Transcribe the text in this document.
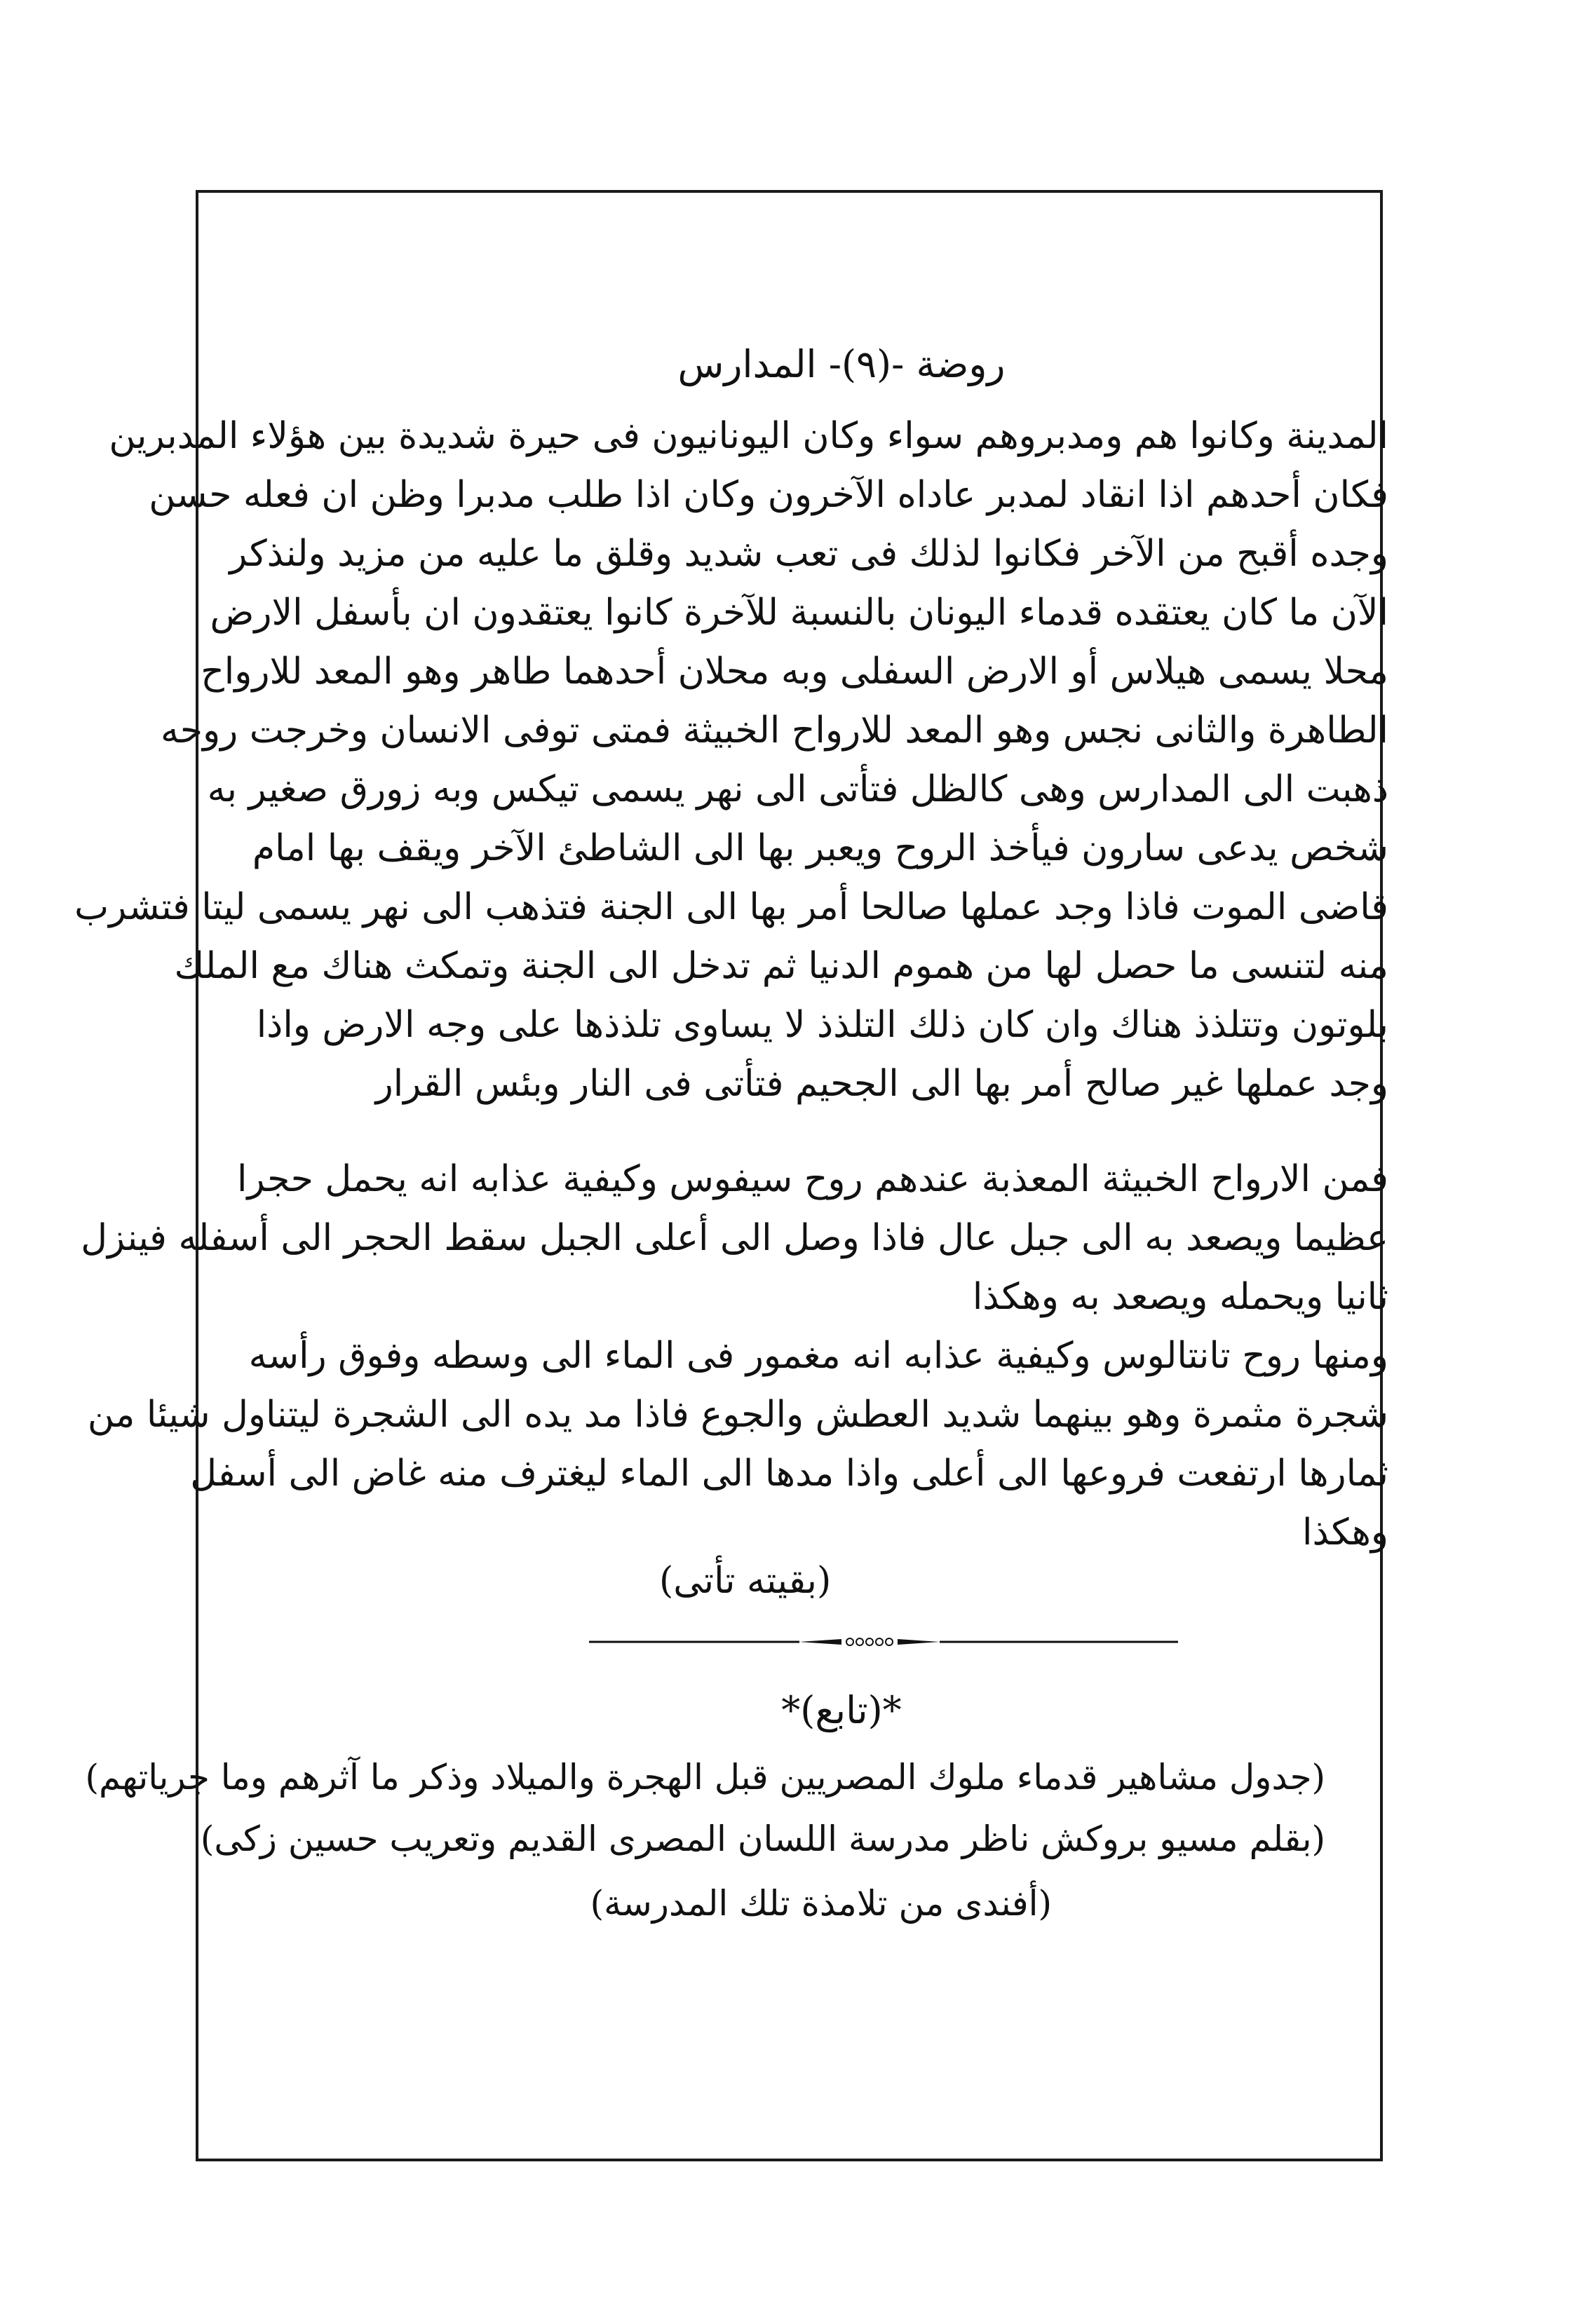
روضة -(٩)- المدارس
المدينة وكانوا هم ومدبروهم سواء وكان اليونانيون فى حيرة شديدة بين هؤلاء المدبرين
فكان أحدهم اذا انقاد لمدبر عاداه الآخرون وكان اذا طلب مدبرا وظن ان فعله حسن
وجده أقبح من الآخر فكانوا لذلك فى تعب شديد وقلق ما عليه من مزيد ولنذكر
الآن ما كان يعتقده قدماء اليونان بالنسبة للآخرة كانوا يعتقدون ان بأسفل الارض
محلا يسمى هيلاس أو الارض السفلى وبه محلان أحدهما طاهر وهو المعد للارواح
الطاهرة والثانى نجس وهو المعد للارواح الخبيثة فمتى توفى الانسان وخرجت روحه
ذهبت الى المدارس وهى كالظل فتأتى الى نهر يسمى تيكس وبه زورق صغير به
شخص يدعى سارون فيأخذ الروح ويعبر بها الى الشاطئ الآخر ويقف بها امام
قاضى الموت فاذا وجد عملها صالحا أمر بها الى الجنة فتذهب الى نهر يسمى ليتا فتشرب
منه لتنسى ما حصل لها من هموم الدنيا ثم تدخل الى الجنة وتمكث هناك مع الملك
بلوتون وتتلذذ هناك وان كان ذلك التلذذ لا يساوى تلذذها على وجه الارض واذا
وجد عملها غير صالح أمر بها الى الجحيم فتأتى فى النار وبئس القرار
فمن الارواح الخبيثة المعذبة عندهم روح سيفوس وكيفية عذابه انه يحمل حجرا
عظيما ويصعد به الى جبل عال فاذا وصل الى أعلى الجبل سقط الحجر الى أسفله فينزل
ثانيا ويحمله ويصعد به وهكذا
ومنها روح تانتالوس وكيفية عذابه انه مغمور فى الماء الى وسطه وفوق رأسه
شجرة مثمرة وهو بينهما شديد العطش والجوع فاذا مد يده الى الشجرة ليتناول شيئا من
ثمارها ارتفعت فروعها الى أعلى واذا مدها الى الماء ليغترف منه غاض الى أسفل
وهكذا
(بقيته تأتى)
*(تابع)*
(جدول مشاهير قدماء ملوك المصريين قبل الهجرة والميلاد وذكر ما آثرهم وما جرياتهم)
(بقلم مسيو بروكش ناظر مدرسة اللسان المصرى القديم وتعريب حسين زكى)
(أفندى من تلامذة تلك المدرسة)
